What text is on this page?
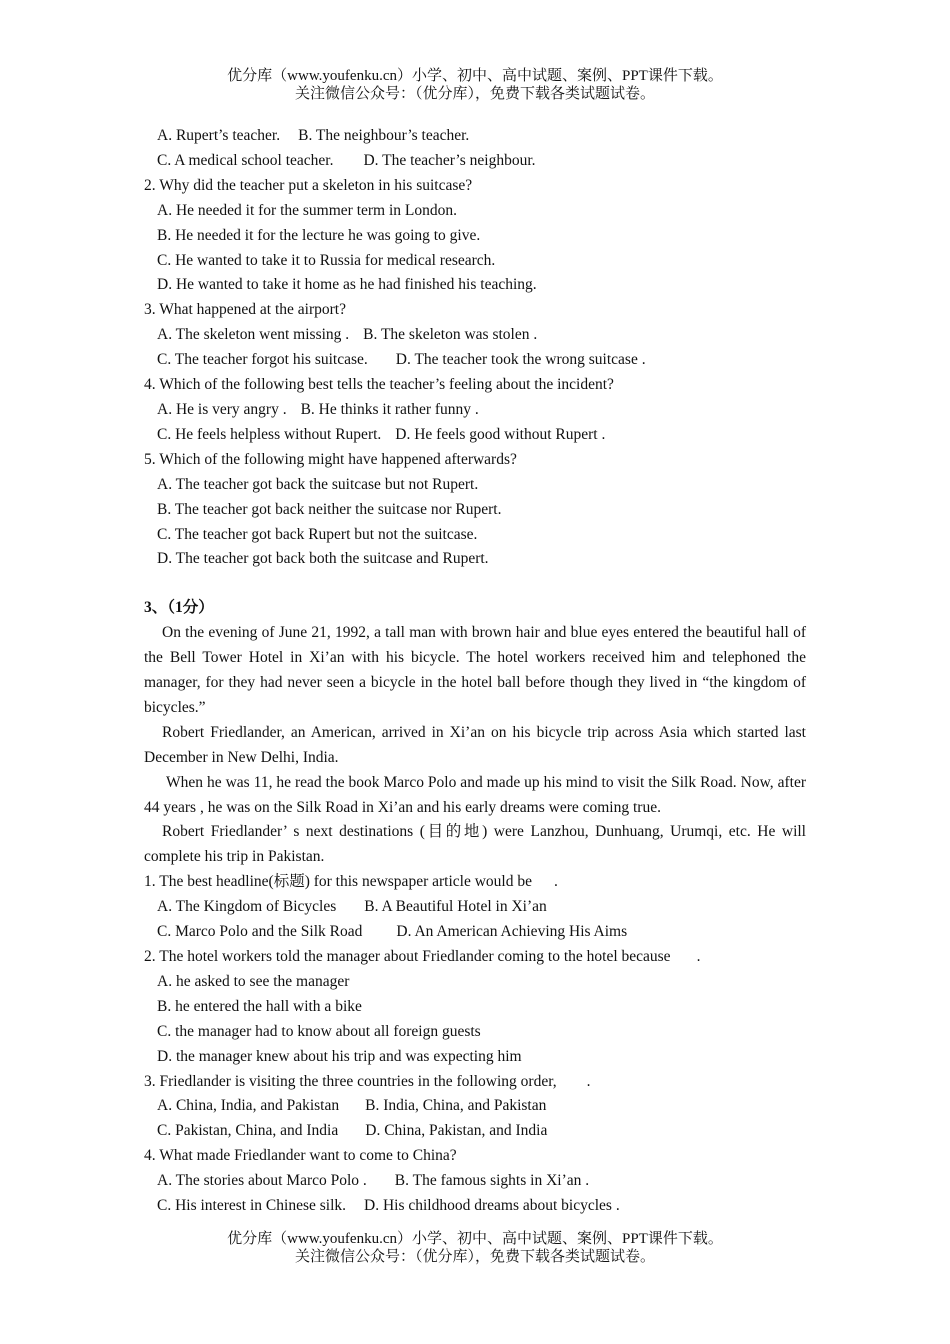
优分库（www.youfenku.cn）小学、初中、高中试题、案例、PPT课件下载。
关注微信公众号：（优分库），免费下载各类试题试卷。
A. Rupert’s teacher. B. The neighbour’s teacher.
C. A medical school teacher. D. The teacher’s neighbour.
2. Why did the teacher put a skeleton in his suitcase?
A. He needed it for the summer term in London.
B. He needed it for the lecture he was going to give.
C. He wanted to take it to Russia for medical research.
D. He wanted to take it home as he had finished his teaching.
3. What happened at the airport?
A. The skeleton went missing . B. The skeleton was stolen .
C. The teacher forgot his suitcase. D. The teacher took the wrong suitcase .
4. Which of the following best tells the teacher’s feeling about the incident?
A. He is very angry . B. He thinks it rather funny .
C. He feels helpless without Rupert. D. He feels good without Rupert .
5. Which of the following might have happened afterwards?
A. The teacher got back the suitcase but not Rupert.
B. The teacher got back neither the suitcase nor Rupert.
C. The teacher got back Rupert but not the suitcase.
D. The teacher got back both the suitcase and Rupert.
3、（1分）
On the evening of June 21, 1992, a tall man with brown hair and blue eyes entered the beautiful hall of the Bell Tower Hotel in Xi’an with his bicycle. The hotel workers received him and telephoned the manager, for they had never seen a bicycle in the hotel ball before though they lived in “the kingdom of bicycles.”
Robert Friedlander, an American, arrived in Xi’an on his bicycle trip across Asia which started last December in New Delhi, India.
When he was 11, he read the book Marco Polo and made up his mind to visit the Silk Road. Now, after 44 years , he was on the Silk Road in Xi’an and his early dreams were coming true.
Robert Friedlander’ s next destinations (目的地) were Lanzhou, Dunhuang, Urumqi, etc. He will complete his trip in Pakistan.
1. The best headline(标题) for this newspaper article would be .
A. The Kingdom of Bicycles B. A Beautiful Hotel in Xi’an
C. Marco Polo and the Silk Road D. An American Achieving His Aims
2. The hotel workers told the manager about Friedlander coming to the hotel because .
A. he asked to see the manager
B. he entered the hall with a bike
C. the manager had to know about all foreign guests
D. the manager knew about his trip and was expecting him
3. Friedlander is visiting the three countries in the following order, .
A. China, India, and Pakistan B. India, China, and Pakistan
C. Pakistan, China, and India D. China, Pakistan, and India
4. What made Friedlander want to come to China?
A. The stories about Marco Polo . B. The famous sights in Xi’an .
C. His interest in Chinese silk. D. His childhood dreams about bicycles .
优分库（www.youfenku.cn）小学、初中、高中试题、案例、PPT课件下载。
关注微信公众号：（优分库），免费下载各类试题试卷。
